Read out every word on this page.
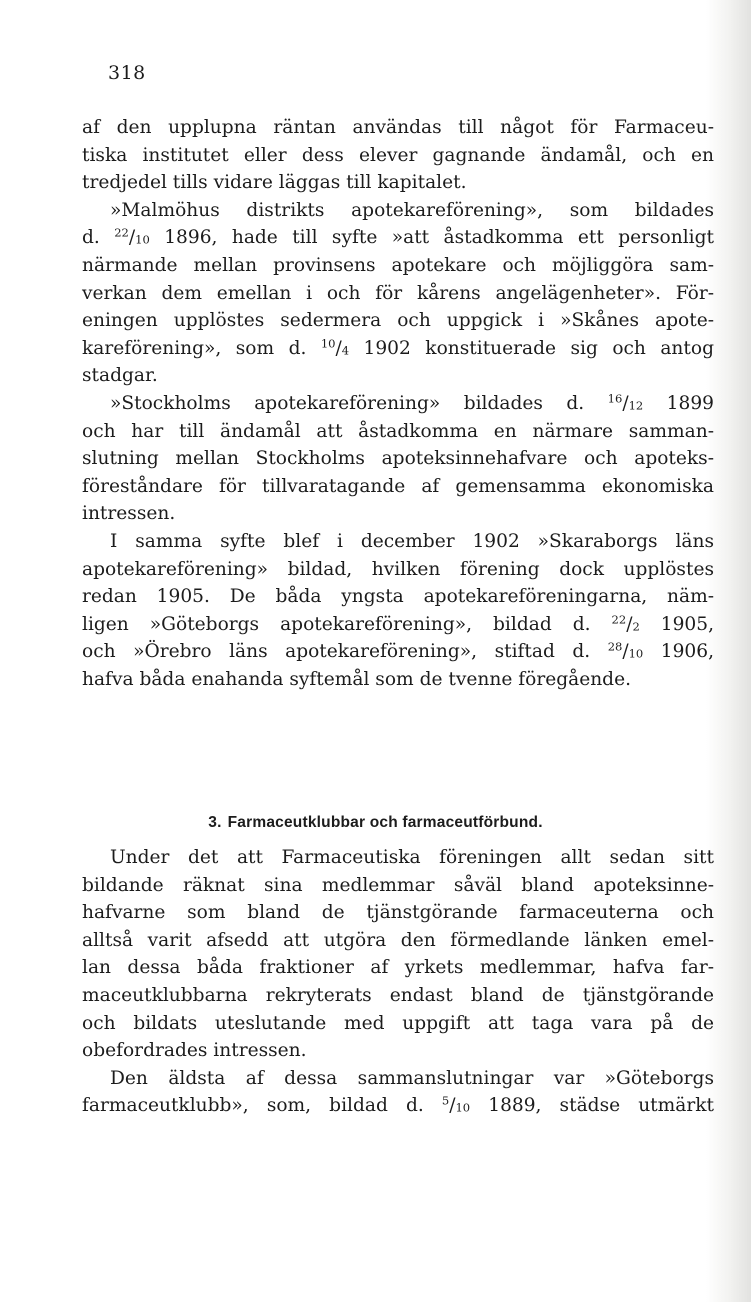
318
af den upplupna räntan användas till något för Farmaceu-
tiska institutet eller dess elever gagnande ändamål, och en
tredjedel tills vidare läggas till kapitalet.
»Malmöhus distrikts apotekareförening», som bildades
d. $^{22}/_{10}$ 1896, hade till syfte »att åstadkomma ett personligt
närmande mellan provinsens apotekare och möjliggöra sam-
verkan dem emellan i och för kårens angelägenheter». För-
eningen upplöstes sedermera och uppgick i »Skånes apote-
kareförening», som d. $^{10}/_4$ 1902 konstituerade sig och antog
stadgar.
»Stockholms apotekareförening» bildades d. $^{16}/_{12}$ 1899
och har till ändamål att åstadkomma en närmare samman-
slutning mellan Stockholms apoteksinnehafvare och apoteks-
föreståndare för tillvaratagande af gemensamma ekonomiska
intressen.
I samma syfte blef i december 1902 »Skaraborgs läns
apotekareförening» bildad, hvilken förening dock upplöstes
redan 1905. De båda yngsta apotekareföreningarna, näm-
ligen »Göteborgs apotekareförening», bildad d. $^{22}/_2$ 1905,
och »Örebro läns apotekareförening», stiftad d. $^{28}/_{10}$ 1906,
hafva båda enahanda syftemål som de tvenne föregående.
3. Farmaceutklubbar och farmaceutförbund.
Under det att Farmaceutiska föreningen allt sedan sitt
bildande räknat sina medlemmar såväl bland apoteksinne-
hafvarne som bland de tjänstgörande farmaceuterna och
alltså varit afsedd att utgöra den förmedlande länken emel-
lan dessa båda fraktioner af yrkets medlemmar, hafva far-
maceutklubbarna rekryterats endast bland de tjänstgörande
och bildats uteslutande med uppgift att taga vara på de
obefordrades intressen.
Den äldsta af dessa sammanslutningar var »Göteborgs
farmaceutklubb», som, bildad d. $^5/_{10}$ 1889, städse utmärkt
